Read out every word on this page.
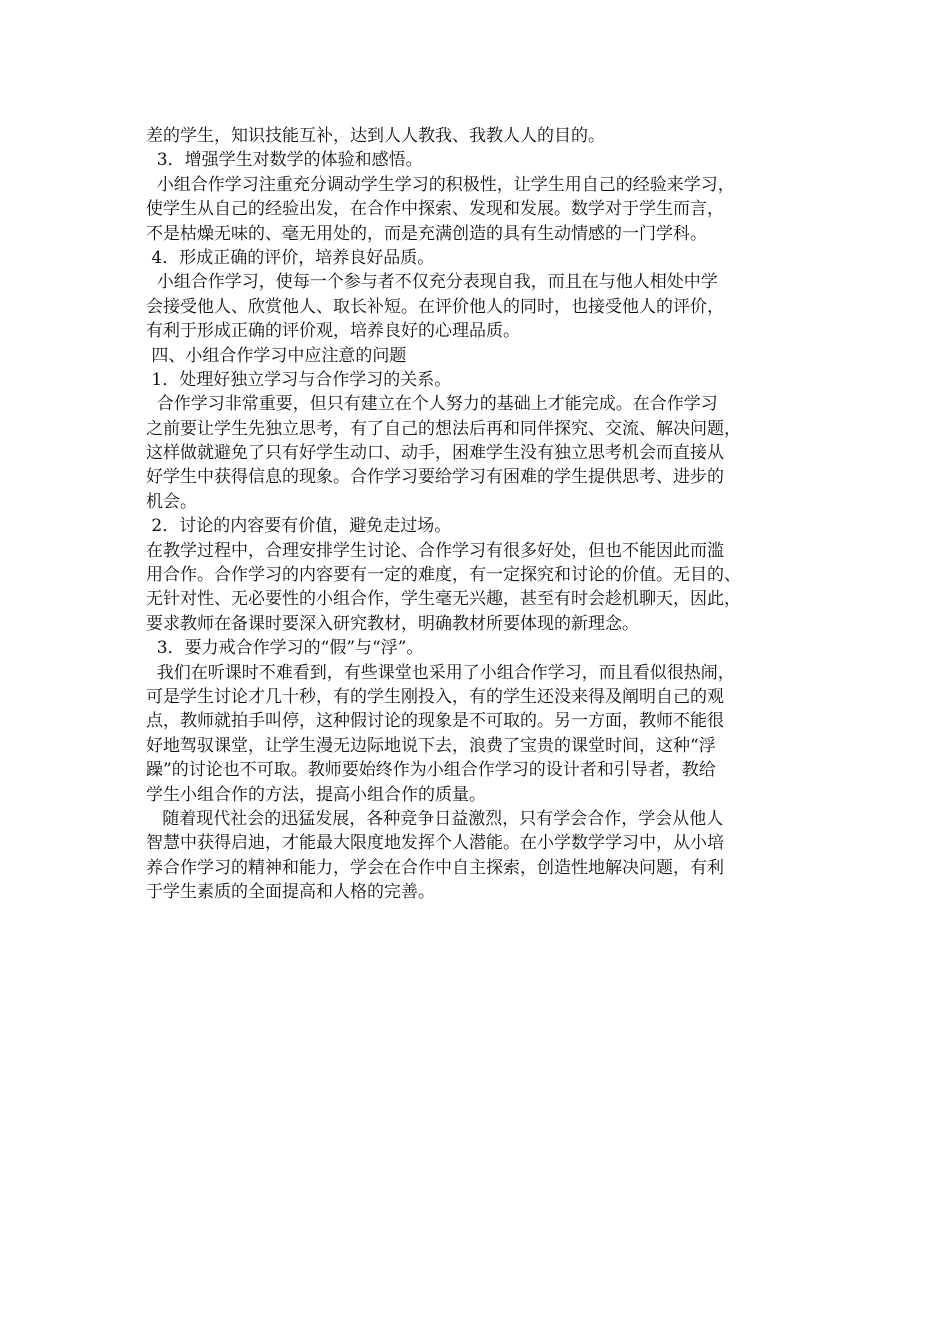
差的学生，知识技能互补，达到人人教我、我教人人的目的。
3．增强学生对数学的体验和感悟。
小组合作学习注重充分调动学生学习的积极性，让学生用自己的经验来学习，
使学生从自己的经验出发，在合作中探索、发现和发展。数学对于学生而言，
不是枯燥无味的、毫无用处的，而是充满创造的具有生动情感的一门学科。
4．形成正确的评价，培养良好品质。
小组合作学习，使每一个参与者不仅充分表现自我，而且在与他人相处中学
会接受他人、欣赏他人、取长补短。在评价他人的同时，也接受他人的评价，
有利于形成正确的评价观，培养良好的心理品质。
四、小组合作学习中应注意的问题
1．处理好独立学习与合作学习的关系。
合作学习非常重要，但只有建立在个人努力的基础上才能完成。在合作学习
之前要让学生先独立思考，有了自己的想法后再和同伴探究、交流、解决问题，
这样做就避免了只有好学生动口、动手，困难学生没有独立思考机会而直接从
好学生中获得信息的现象。合作学习要给学习有困难的学生提供思考、进步的
机会。
2．讨论的内容要有价值，避免走过场。
在教学过程中，合理安排学生讨论、合作学习有很多好处，但也不能因此而滥
用合作。合作学习的内容要有一定的难度，有一定探究和讨论的价值。无目的、
无针对性、无必要性的小组合作，学生毫无兴趣，甚至有时会趁机聊天，因此，
要求教师在备课时要深入研究教材，明确教材所要体现的新理念。
3．要力戒合作学习的“假”与“浮”。
我们在听课时不难看到，有些课堂也采用了小组合作学习，而且看似很热闹，
可是学生讨论才几十秒，有的学生刚投入，有的学生还没来得及阐明自己的观
点，教师就拍手叫停，这种假讨论的现象是不可取的。另一方面，教师不能很
好地驾驭课堂，让学生漫无边际地说下去，浪费了宝贵的课堂时间，这种“浮
躁”的讨论也不可取。教师要始终作为小组合作学习的设计者和引导者，教给
学生小组合作的方法，提高小组合作的质量。
随着现代社会的迅猛发展，各种竞争日益激烈，只有学会合作，学会从他人
智慧中获得启迪，才能最大限度地发挥个人潜能。在小学数学学习中，从小培
养合作学习的精神和能力，学会在合作中自主探索，创造性地解决问题，有利
于学生素质的全面提高和人格的完善。
